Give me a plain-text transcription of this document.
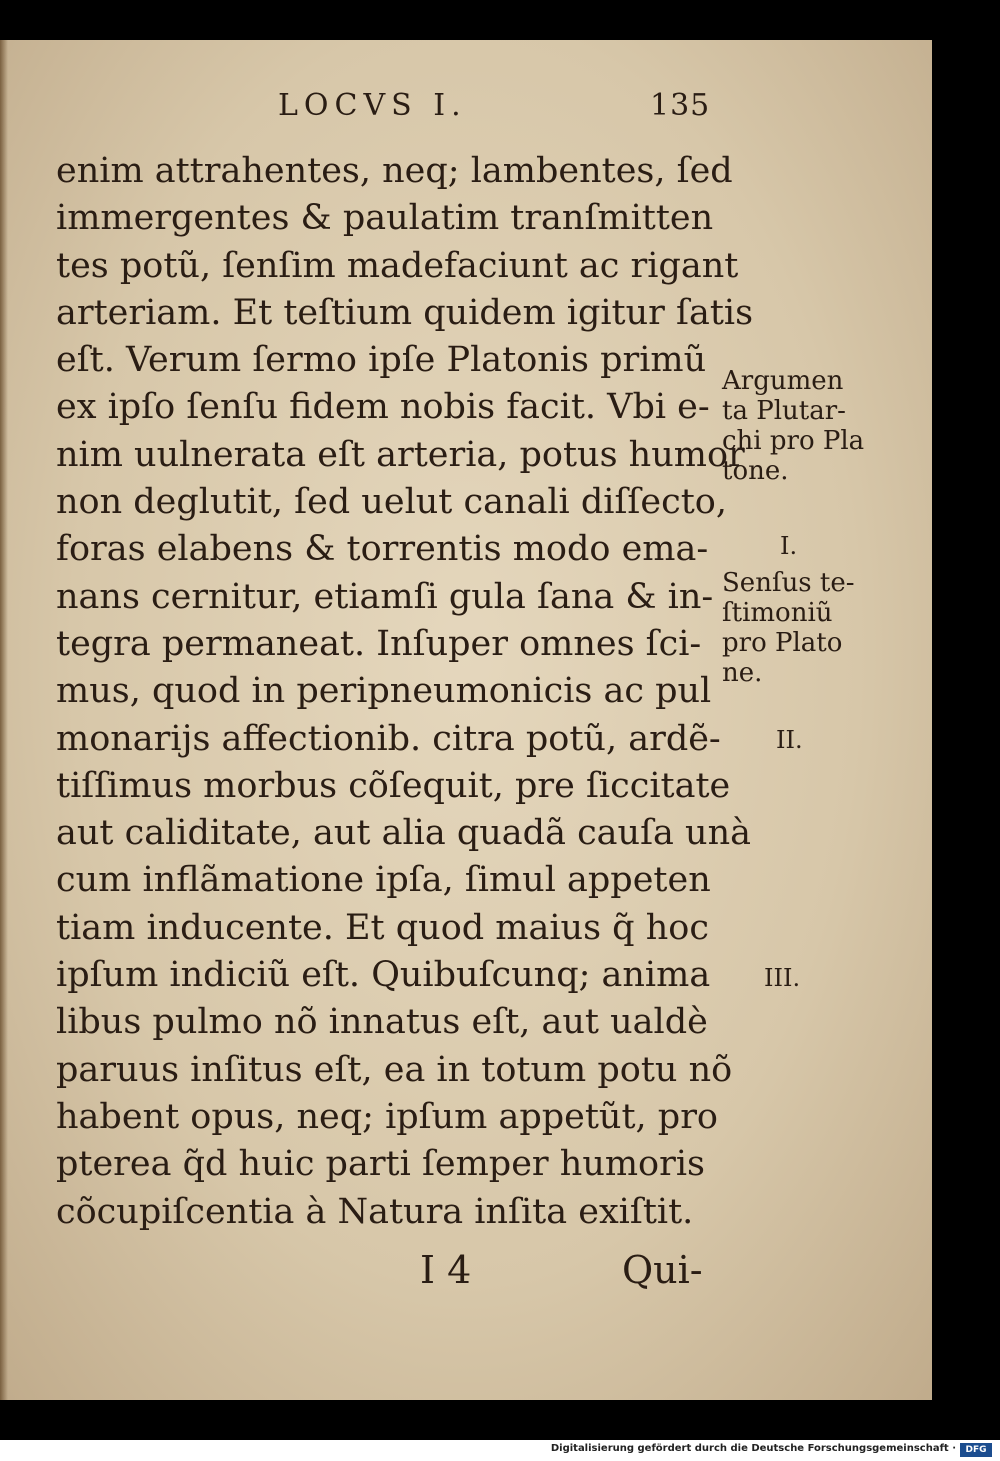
LOCVS I.	135
enim attrahentes, neq; lambentes, ſed
immergentes & paulatim tranſmitten
tes potũ, ſenſim madefaciunt ac rigant
arteriam. Et teſtium quidem igitur ſatis
eſt. Verum ſermo ipſe Platonis primũ
ex ipſo ſenſu fidem nobis facit. Vbi e-
nim uulnerata eſt arteria, potus humor
non deglutit, ſed uelut canali diſſecto,
foras elabens & torrentis modo ema-
nans cernitur, etiamſi gula ſana & in-
tegra permaneat. Inſuper omnes ſci-
mus, quod in peripneumonicis ac pul
monarijs affectionib. citra potũ, ardẽ-
tiſſimus morbus cõſequit, pre ſiccitate
aut caliditate, aut alia quadã cauſa unà
cum inflãmatione ipſa, ſimul appeten
tiam inducente. Et quod maius q̃ hoc
ipſum indiciũ eſt. Quibuſcunq; anima
libus pulmo nõ innatus eſt, aut ualdè
paruus inſitus eſt, ea in totum potu nõ
habent opus, neq; ipſum appetũt, pro
pterea q̃d huic parti ſemper humoris
cõcupiſcentia à Natura inſita exiſtit.
Argumen
ta Plutar-
chi pro Pla
tone.
I.
Senſus te-
ſtimoniũ
pro Plato
ne.
II.
III.
I 4	Qui-
Digitalisierung gefördert durch die Deutsche Forschungsgemeinschaft ·	DFG
